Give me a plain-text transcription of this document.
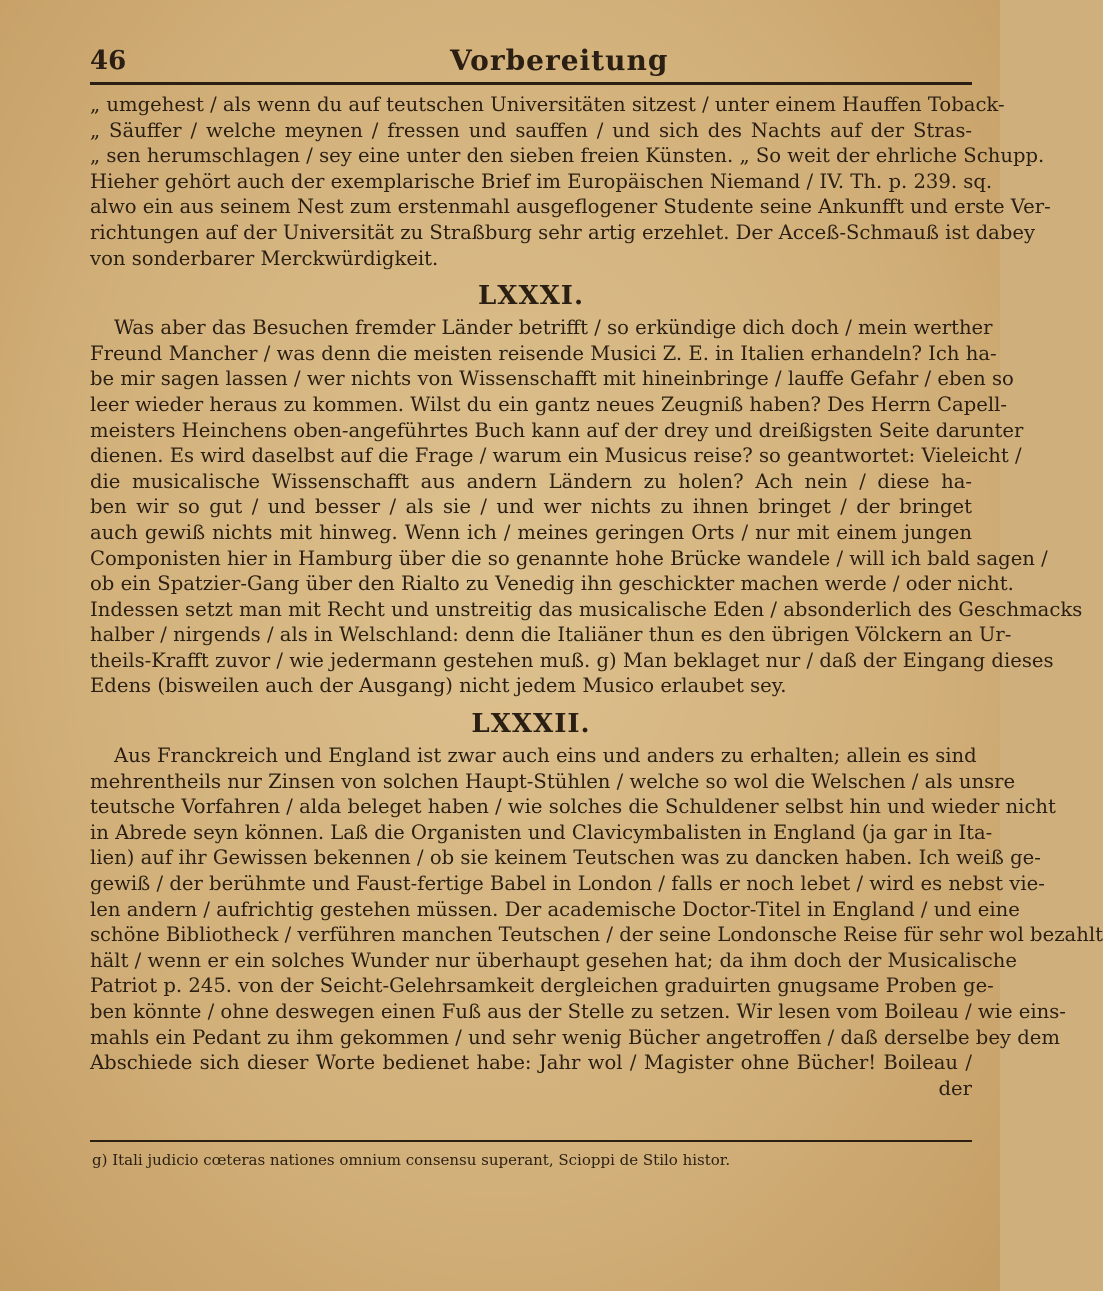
46	Vorbereitung
„ umgehest / als wenn du auf teutschen Universitäten sitzest / unter einem Hauffen Toback-
„ Säuffer / welche meynen / fressen und sauffen / und sich des Nachts auf der Stras-
„ sen herumschlagen / sey eine unter den sieben freien Künsten. „ So weit der ehrliche Schupp.
Hieher gehört auch der exemplarische Brief im Europäischen Niemand / IV. Th. p. 239. sq.
alwo ein aus seinem Nest zum erstenmahl ausgeflogener Studente seine Ankunfft und erste Ver-
richtungen auf der Universität zu Straßburg sehr artig erzehlet. Der Acceß-Schmauß ist dabey
von sonderbarer Merckwürdigkeit.
LXXXI.
Was aber das Besuchen fremder Länder betrifft / so erkündige dich doch / mein werther
Freund Mancher / was denn die meisten reisende Musici Z. E. in Italien erhandeln? Ich ha-
be mir sagen lassen / wer nichts von Wissenschafft mit hineinbringe / lauffe Gefahr / eben so
leer wieder heraus zu kommen. Wilst du ein gantz neues Zeugniß haben? Des Herrn Capell-
meisters Heinchens oben-angeführtes Buch kann auf der drey und dreißigsten Seite darunter
dienen. Es wird daselbst auf die Frage / warum ein Musicus reise? so geantwortet: Vieleicht /
die musicalische Wissenschafft aus andern Ländern zu holen? Ach nein / diese ha-
ben wir so gut / und besser / als sie / und wer nichts zu ihnen bringet / der bringet
auch gewiß nichts mit hinweg. Wenn ich / meines geringen Orts / nur mit einem jungen
Componisten hier in Hamburg über die so genannte hohe Brücke wandele / will ich bald sagen /
ob ein Spatzier-Gang über den Rialto zu Venedig ihn geschickter machen werde / oder nicht.
Indessen setzt man mit Recht und unstreitig das musicalische Eden / absonderlich des Geschmacks
halber / nirgends / als in Welschland: denn die Italiäner thun es den übrigen Völckern an Ur-
theils-Krafft zuvor / wie jedermann gestehen muß. g) Man beklaget nur / daß der Eingang dieses
Edens (bisweilen auch der Ausgang) nicht jedem Musico erlaubet sey.
LXXXII.
Aus Franckreich und England ist zwar auch eins und anders zu erhalten; allein es sind
mehrentheils nur Zinsen von solchen Haupt-Stühlen / welche so wol die Welschen / als unsre
teutsche Vorfahren / alda beleget haben / wie solches die Schuldener selbst hin und wieder nicht
in Abrede seyn können. Laß die Organisten und Clavicymbalisten in England (ja gar in Ita-
lien) auf ihr Gewissen bekennen / ob sie keinem Teutschen was zu dancken haben. Ich weiß ge-
gewiß / der berühmte und Faust-fertige Babel in London / falls er noch lebet / wird es nebst vie-
len andern / aufrichtig gestehen müssen. Der academische Doctor-Titel in England / und eine
schöne Bibliotheck / verführen manchen Teutschen / der seine Londonsche Reise für sehr wol bezahlt
hält / wenn er ein solches Wunder nur überhaupt gesehen hat; da ihm doch der Musicalische
Patriot p. 245. von der Seicht-Gelehrsamkeit dergleichen graduirten gnugsame Proben ge-
ben könnte / ohne deswegen einen Fuß aus der Stelle zu setzen. Wir lesen vom Boileau / wie eins-
mahls ein Pedant zu ihm gekommen / und sehr wenig Bücher angetroffen / daß derselbe bey dem
Abschiede sich dieser Worte bedienet habe: Jahr wol / Magister ohne Bücher! Boileau /
der
g) Itali judicio cœteras nationes omnium consensu superant, Scioppi de Stilo histor.
